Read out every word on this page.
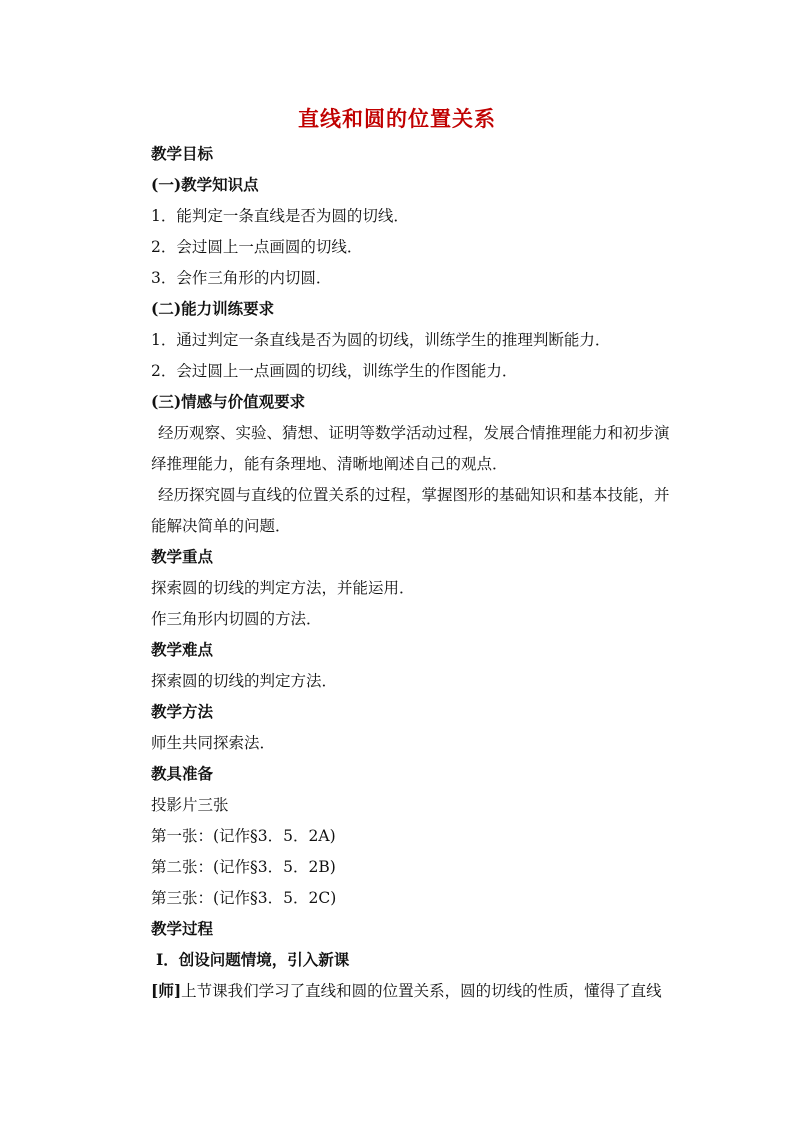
直线和圆的位置关系
教学目标
(一)教学知识点
1．能判定一条直线是否为圆的切线．
2．会过圆上一点画圆的切线．
3．会作三角形的内切圆．
(二)能力训练要求
1．通过判定一条直线是否为圆的切线，训练学生的推理判断能力．
2．会过圆上一点画圆的切线，训练学生的作图能力．
(三)情感与价值观要求
　　经历观察、实验、猜想、证明等数学活动过程，发展合情推理能力和初步演
绎推理能力，能有条理地、清晰地阐述自己的观点．
　　经历探究圆与直线的位置关系的过程，掌握图形的基础知识和基本技能，并
能解决简单的问题．
教学重点
探索圆的切线的判定方法，并能运用．
作三角形内切圆的方法．
教学难点
探索圆的切线的判定方法．
教学方法
师生共同探索法．
教具准备
投影片三张
第一张：(记作§3．5．2A)
第二张：(记作§3．5．2B)
第三张：(记作§3．5．2C)
教学过程
Ⅰ．创设问题情境，引入新课
[师]上节课我们学习了直线和圆的位置关系，圆的切线的性质，懂得了直线
